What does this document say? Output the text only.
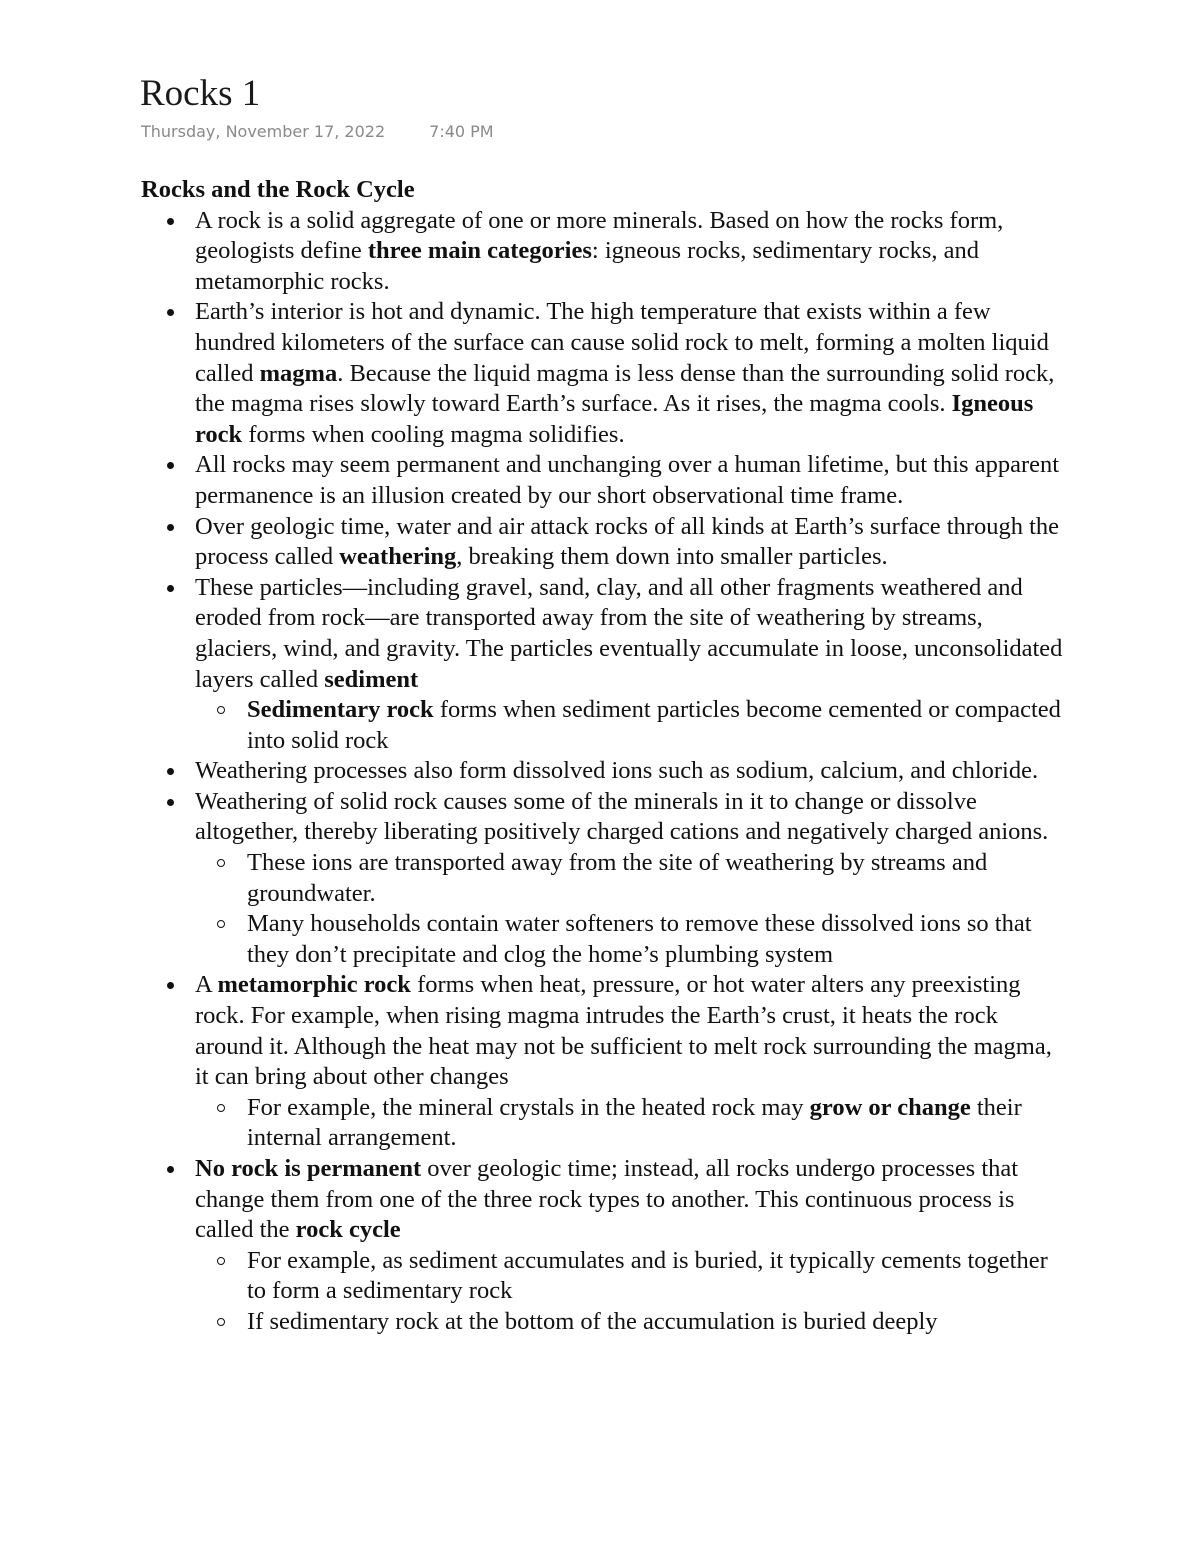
Rocks 1
Thursday, November 17, 2022	7:40 PM

Rocks and the Rock Cycle

A rock is a solid aggregate of one or more minerals. Based on how the rocks form, geologists define three main categories: igneous rocks, sedimentary rocks, and metamorphic rocks.
Earth’s interior is hot and dynamic. The high temperature that exists within a few hundred kilometers of the surface can cause solid rock to melt, forming a molten liquid called magma. Because the liquid magma is less dense than the surrounding solid rock, the magma rises slowly toward Earth’s surface. As it rises, the magma cools. Igneous rock forms when cooling magma solidifies.
All rocks may seem permanent and unchanging over a human lifetime, but this apparent permanence is an illusion created by our short observational time frame.
Over geologic time, water and air attack rocks of all kinds at Earth’s surface through the process called weathering, breaking them down into smaller particles.
These particles—including gravel, sand, clay, and all other fragments weathered and eroded from rock—are transported away from the site of weathering by streams, glaciers, wind, and gravity. The particles eventually accumulate in loose, unconsolidated layers called sediment
Sedimentary rock forms when sediment particles become cemented or compacted into solid rock
Weathering processes also form dissolved ions such as sodium, calcium, and chloride.
Weathering of solid rock causes some of the minerals in it to change or dissolve altogether, thereby liberating positively charged cations and negatively charged anions.
These ions are transported away from the site of weathering by streams and groundwater.
Many households contain water softeners to remove these dissolved ions so that they don’t precipitate and clog the home’s plumbing system
A metamorphic rock forms when heat, pressure, or hot water alters any preexisting rock. For example, when rising magma intrudes the Earth’s crust, it heats the rock around it. Although the heat may not be sufficient to melt rock surrounding the magma, it can bring about other changes
For example, the mineral crystals in the heated rock may grow or change their internal arrangement.
No rock is permanent over geologic time; instead, all rocks undergo processes that change them from one of the three rock types to another. This continuous process is called the rock cycle
For example, as sediment accumulates and is buried, it typically cements together to form a sedimentary rock
If sedimentary rock at the bottom of the accumulation is buried deeply
